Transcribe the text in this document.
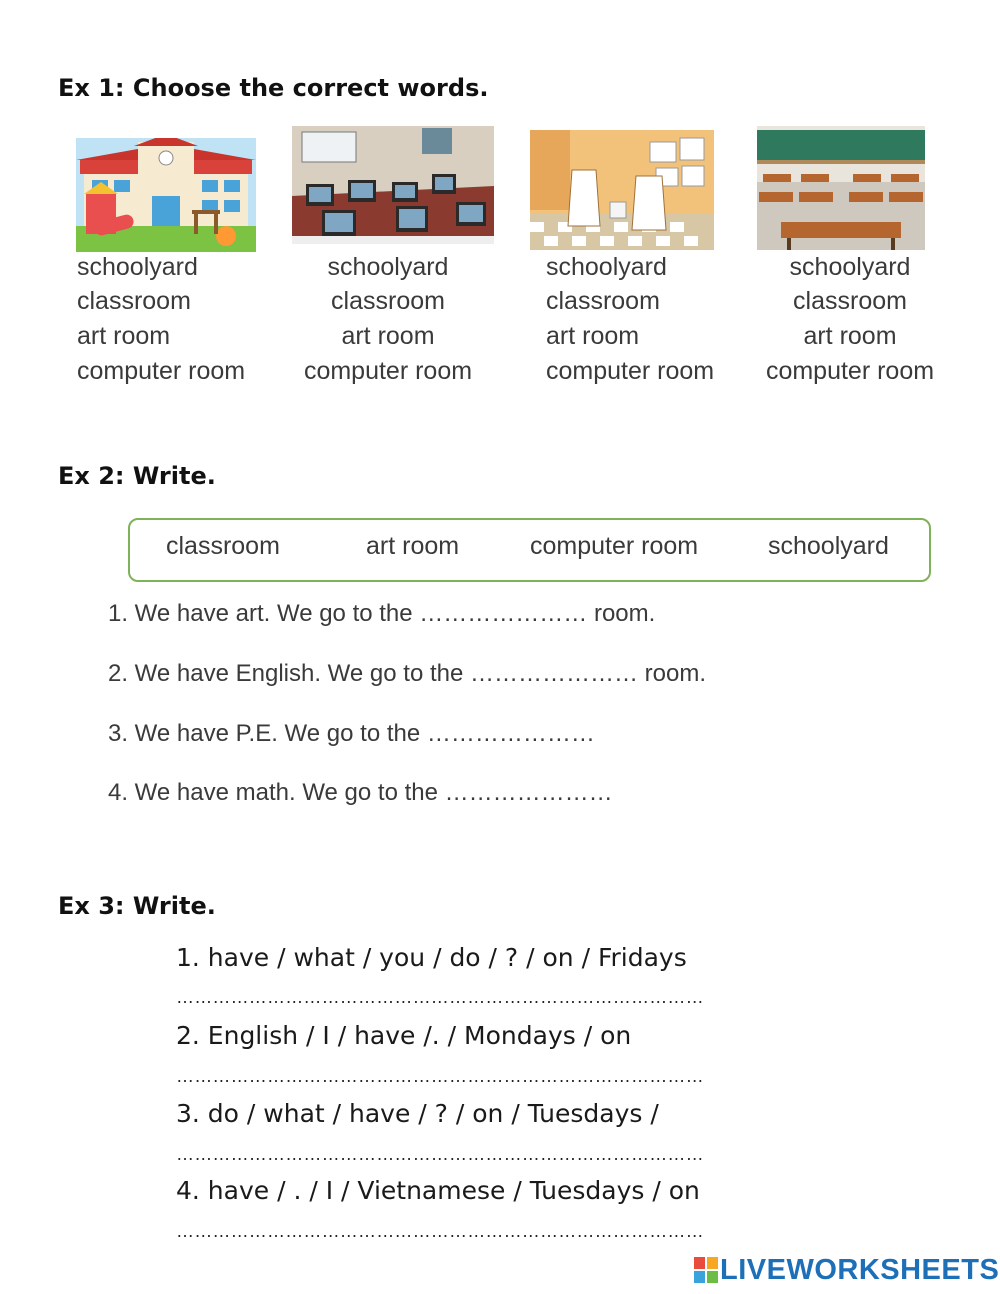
Ex 1: Choose the correct words.
schoolyard
classroom
art room
computer room
schoolyard
classroom
art room
computer room
schoolyard
classroom
art room
computer room
schoolyard
classroom
art room
computer room
Ex 2: Write.
classroom	art room	computer room	schoolyard
1. We have art. We go to the ………………… room.
2. We have English. We go to the ………………… room.
3. We have P.E. We go to the …………………
4. We have math. We go to the …………………
Ex 3: Write.
1. have / what / you / do / ? / on / Fridays
……………………………………………………………………………
2. English / I / have /. / Mondays / on
……………………………………………………………………………
3. do / what / have / ? / on / Tuesdays /
……………………………………………………………………………
4. have / . / I / Vietnamese / Tuesdays / on
……………………………………………………………………………
LIVEWORKSHEETS
